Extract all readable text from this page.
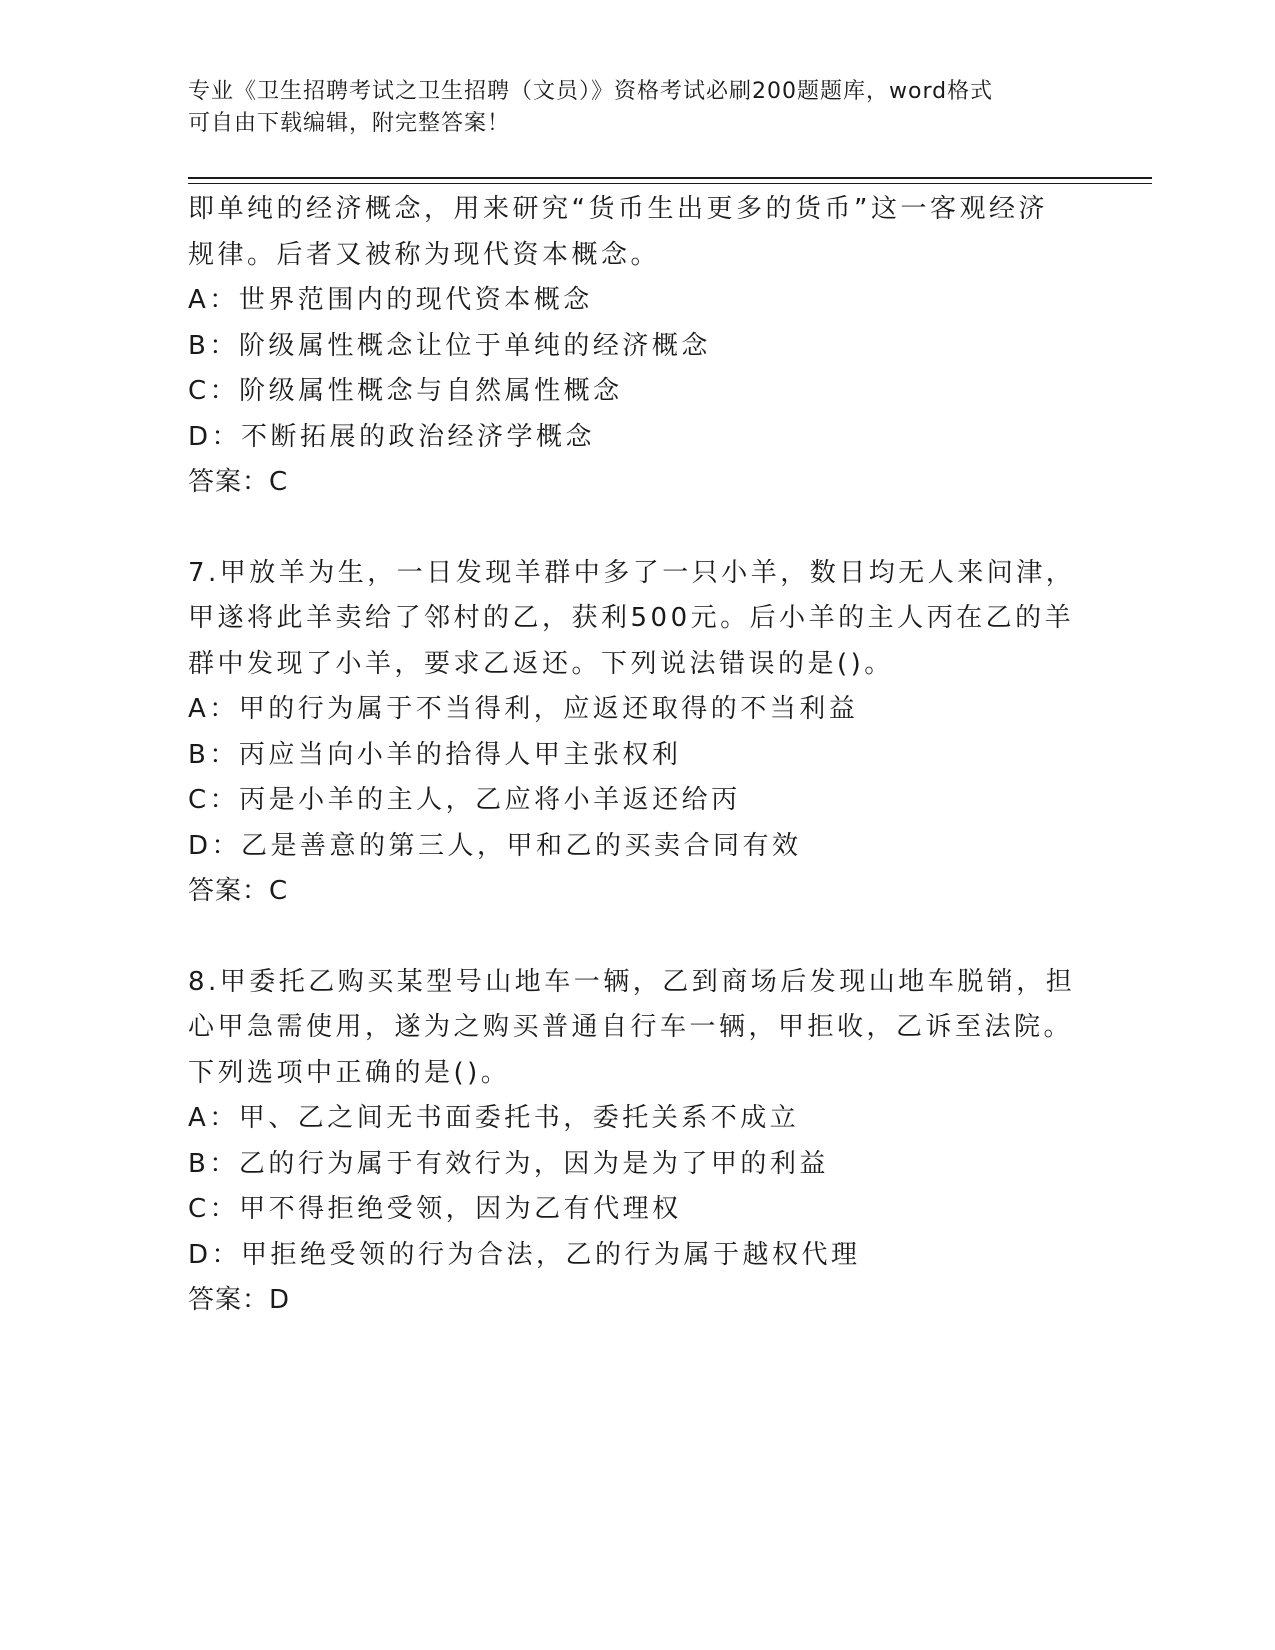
专业《卫生招聘考试之卫生招聘（文员）》资格考试必刷200题题库，word格式
可自由下载编辑，附完整答案！
即单纯的经济概念，用来研究“货币生出更多的货币”这一客观经济
规律。后者又被称为现代资本概念。
A：世界范围内的现代资本概念
B：阶级属性概念让位于单纯的经济概念
C：阶级属性概念与自然属性概念
D：不断拓展的政治经济学概念
答案：C
7.甲放羊为生，一日发现羊群中多了一只小羊，数日均无人来问津，
甲遂将此羊卖给了邻村的乙，获利500元。后小羊的主人丙在乙的羊
群中发现了小羊，要求乙返还。下列说法错误的是()。
A：甲的行为属于不当得利，应返还取得的不当利益
B：丙应当向小羊的拾得人甲主张权利
C：丙是小羊的主人，乙应将小羊返还给丙
D：乙是善意的第三人，甲和乙的买卖合同有效
答案：C
8.甲委托乙购买某型号山地车一辆，乙到商场后发现山地车脱销，担
心甲急需使用，遂为之购买普通自行车一辆，甲拒收，乙诉至法院。
下列选项中正确的是()。
A：甲、乙之间无书面委托书，委托关系不成立
B：乙的行为属于有效行为，因为是为了甲的利益
C：甲不得拒绝受领，因为乙有代理权
D：甲拒绝受领的行为合法，乙的行为属于越权代理
答案：D
